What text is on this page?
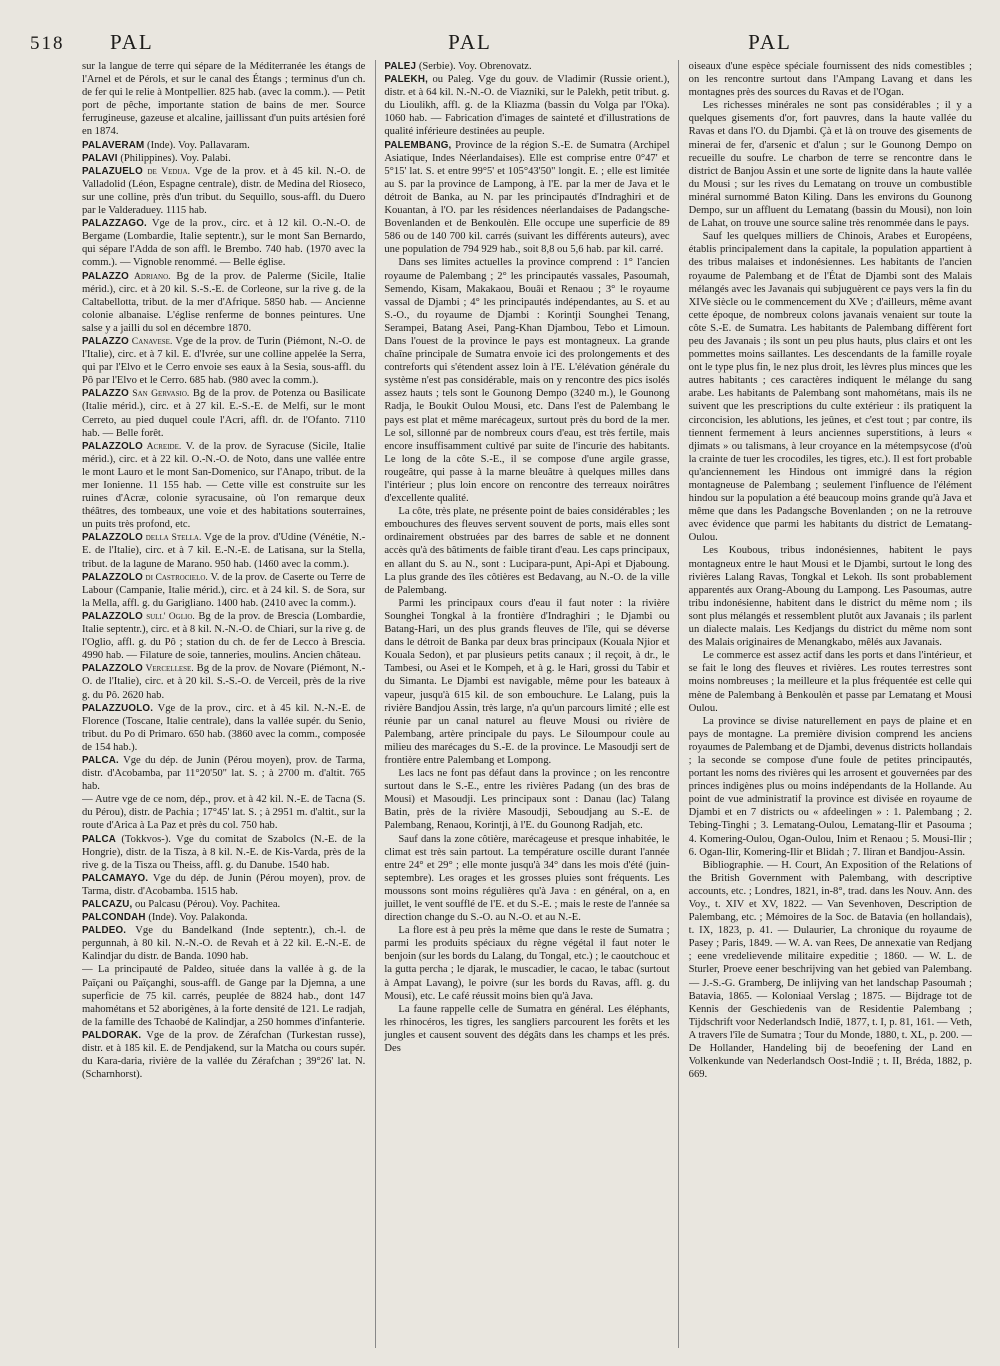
518	PAL	PAL	PAL

sur la langue de terre qui sépare de la Méditerranée les étangs de l'Arnel et de Pérols, et sur le canal des Étangs ; terminus d'un ch. de fer qui le relie à Montpellier. 825 hab. (avec la comm.). — Petit port de pêche, importante station de bains de mer. Source ferrugineuse, gazeuse et alcaline, jaillissant d'un puits artésien foré en 1874.

PALAVERAM (Inde). Voy. Pallavaram.

PALAVI (Philippines). Voy. Palabi.

PALAZUELO de Vedija. Vge de la prov. et à 45 kil. N.-O. de Valladolid (Léon, Espagne centrale), distr. de Medina del Rioseco, sur une colline, près d'un tribut. du Sequillo, sous-affl. du Duero par le Valderaduey. 1115 hab.

PALAZZAGO. Vge de la prov., circ. et à 12 kil. O.-N.-O. de Bergame (Lombardie, Italie septentr.), sur le mont San Bernardo, qui sépare l'Adda de son affl. le Brembo. 740 hab. (1970 avec la comm.). — Vignoble renommé. — Belle église.

PALAZZO Adriano. Bg de la prov. de Palerme (Sicile, Italie mérid.), circ. et à 20 kil. S.-S.-E. de Corleone, sur la rive g. de la Caltabellotta, tribut. de la mer d'Afrique. 5850 hab. — Ancienne colonie albanaise. L'église renferme de bonnes peintures. Une salse y a jailli du sol en décembre 1870.

PALAZZO Canavese. Vge de la prov. de Turin (Piémont, N.-O. de l'Italie), circ. et à 7 kil. E. d'Ivrée, sur une colline appelée la Serra, qui par l'Elvo et le Cerro envoie ses eaux à la Sesia, sous-affl. du Pô par l'Elvo et le Cerro. 685 hab. (980 avec la comm.).

PALAZZO San Gervasio. Bg de la prov. de Potenza ou Basilicate (Italie mérid.), circ. et à 27 kil. E.-S.-E. de Melfi, sur le mont Cerreto, au pied duquel coule l'Acri, affl. dr. de l'Ofanto. 7110 hab. — Belle forêt.

PALAZZOLO Acreide. V. de la prov. de Syracuse (Sicile, Italie mérid.), circ. et à 22 kil. O.-N.-O. de Noto, dans une vallée entre le mont Lauro et le mont San-Domenico, sur l'Anapo, tribut. de la mer Ionienne. 11 155 hab. — Cette ville est construite sur les ruines d'Acræ, colonie syracusaine, où l'on remarque deux théâtres, des tombeaux, une voie et des habitations souterraines, un puits très profond, etc.

PALAZZOLO della Stella. Vge de la prov. d'Udine (Vénétie, N.-E. de l'Italie), circ. et à 7 kil. E.-N.-E. de Latisana, sur la Stella, tribut. de la lagune de Marano. 950 hab. (1460 avec la comm.).

PALAZZOLO di Castrocielo. V. de la prov. de Caserte ou Terre de Labour (Campanie, Italie mérid.), circ. et à 24 kil. S. de Sora, sur la Mella, affl. g. du Garigliano. 1400 hab. (2410 avec la comm.).

PALAZZOLO sull' Oglio. Bg de la prov. de Brescia (Lombardie, Italie septentr.), circ. et à 8 kil. N.-N.-O. de Chiari, sur la rive g. de l'Oglio, affl. g. du Pô ; station du ch. de fer de Lecco à Brescia. 4990 hab. — Filature de soie, tanneries, moulins. Ancien château.

PALAZZOLO Vercellese. Bg de la prov. de Novare (Piémont, N.-O. de l'Italie), circ. et à 20 kil. S.-S.-O. de Verceil, près de la rive g. du Pô. 2620 hab.

PALAZZUOLO. Vge de la prov., circ. et à 45 kil. N.-N.-E. de Florence (Toscane, Italie centrale), dans la vallée supér. du Senio, tribut. du Po di Primaro. 650 hab. (3860 avec la comm., composée de 154 hab.).

PALCA. Vge du dép. de Junin (Pérou moyen), prov. de Tarma, distr. d'Acobamba, par 11°20'50" lat. S. ; à 2700 m. d'altit. 765 hab.

— Autre vge de ce nom, dép., prov. et à 42 kil. N.-E. de Tacna (S. du Pérou), distr. de Pachia ; 17°45' lat. S. ; à 2951 m. d'altit., sur la route d'Arica à La Paz et près du col. 750 hab.

PALCA (Tokkvos-). Vge du comitat de Szabolcs (N.-E. de la Hongrie), distr. de la Tisza, à 8 kil. N.-E. de Kis-Varda, près de la rive g. de la Tisza ou Theiss, affl. g. du Danube. 1540 hab.

PALCAMAYO. Vge du dép. de Junin (Pérou moyen), prov. de Tarma, distr. d'Acobamba. 1515 hab.

PALCAZU, ou Palcasu (Pérou). Voy. Pachitea.

PALCONDAH (Inde). Voy. Palakonda.

PALDEO. Vge du Bandelkand (Inde septentr.), ch.-l. de pergunnah, à 80 kil. N.-N.-O. de Revah et à 22 kil. E.-N.-E. de Kalindjar du distr. de Banda. 1090 hab.

— La principauté de Paldeo, située dans la vallée à g. de la Païçani ou Païçanghi, sous-affl. de Gange par la Djemna, a une superficie de 75 kil. carrés, peuplée de 8824 hab., dont 147 mahométans et 52 aborigènes, à la forte densité de 121. Le radjah, de la famille des Tchaobé de Kalindjar, a 250 hommes d'infanterie.

PALDORAK. Vge de la prov. de Zérafchan (Turkestan russe), distr. et à 185 kil. E. de Pendjakend, sur la Matcha ou cours supér. du Kara-daria, rivière de la vallée du Zérafchan ; 39°26' lat. N. (Scharnhorst).

PALEJ (Serbie). Voy. Obrenovatz.

PALEKH, ou Paleg. Vge du gouv. de Vladimir (Russie orient.), distr. et à 64 kil. N.-N.-O. de Viazniki, sur le Palekh, petit tribut. g. du Lioulikh, affl. g. de la Kliazma (bassin du Volga par l'Oka). 1060 hab. — Fabrication d'images de sainteté et d'illustrations de qualité inférieure destinées au peuple.

PALEMBANG, Province de la région S.-E. de Sumatra (Archipel Asiatique, Indes Néerlandaises). Elle est comprise entre 0°47' et 5°15' lat. S. et entre 99°5' et 105°43'50" longit. E. ; elle est limitée au S. par la province de Lampong, à l'E. par la mer de Java et le détroit de Banka, au N. par les principautés d'Indraghiri et de Kouantan, à l'O. par les résidences néerlandaises de Padangsche-Bovenlanden et de Benkoulèn. Elle occupe une superficie de 89 586 ou de 140 700 kil. carrés (suivant les différents auteurs), avec une population de 794 929 hab., soit 8,8 ou 5,6 hab. par kil. carré.

Dans ses limites actuelles la province comprend : 1° l'ancien royaume de Palembang ; 2° les principautés vassales, Pasoumah, Semendo, Kisam, Makakaou, Bouâi et Renaou ; 3° le royaume vassal de Djambi ; 4° les principautés indépendantes, au S. et au S.-O., du royaume de Djambi : Korintji Sounghei Tenang, Serampei, Batang Asei, Pang-Khan Djambou, Tebo et Limoun. Dans l'ouest de la province le pays est montagneux. La grande chaîne principale de Sumatra envoie ici des prolongements et des contreforts qui s'étendent assez loin à l'E. L'élévation générale du système n'est pas considérable, mais on y rencontre des pics isolés assez hauts ; tels sont le Gounong Dempo (3240 m.), le Gounong Radja, le Boukit Oulou Mousi, etc. Dans l'est de Palembang le pays est plat et même marécageux, surtout près du bord de la mer. Le sol, sillonné par de nombreux cours d'eau, est très fertile, mais encore insuffisamment cultivé par suite de l'incurie des habitants. Le long de la côte S.-E., il se compose d'une argile grasse, rougeâtre, qui passe à la marne bleuâtre à quelques milles dans l'intérieur ; plus loin encore on rencontre des terreaux noirâtres d'excellente qualité.

La côte, très plate, ne présente point de baies considérables ; les embouchures des fleuves servent souvent de ports, mais elles sont ordinairement obstruées par des barres de sable et ne donnent accès qu'à des bâtiments de faible tirant d'eau. Les caps principaux, en allant du S. au N., sont : Lucipara-punt, Api-Api et Djaboung. La plus grande des îles côtières est Bedavang, au N.-O. de la ville de Palembang.

Parmi les principaux cours d'eau il faut noter : la rivière Sounghei Tongkal à la frontière d'Indraghiri ; le Djambi ou Batang-Hari, un des plus grands fleuves de l'île, qui se déverse dans le détroit de Banka par deux bras principaux (Kouala Njior et Kouala Sedon), et par plusieurs petits canaux ; il reçoit, à dr., le Tambesi, ou Asei et le Kompeh, et à g. le Hari, grossi du Tabir et du Simanta. Le Djambi est navigable, même pour les bateaux à vapeur, jusqu'à 615 kil. de son embouchure. Le Lalang, puis la rivière Bandjou Assin, très large, n'a qu'un parcours limité ; elle est réunie par un canal naturel au fleuve Mousi ou rivière de Palembang, artère principale du pays. Le Siloumpour coule au milieu des marécages du S.-E. de la province. Le Masoudji sert de frontière entre Palembang et Lompong.

Les lacs ne font pas défaut dans la province ; on les rencontre surtout dans le S.-E., entre les rivières Padang (un des bras de Mousi) et Masoudji. Les principaux sont : Danau (lac) Talang Batin, près de la rivière Masoudji, Seboudjang au S.-E. de Palembang, Renaou, Korintji, à l'E. du Gounong Radjah, etc.

Sauf dans la zone côtière, marécageuse et presque inhabitée, le climat est très sain partout. La température oscille durant l'année entre 24° et 29° ; elle monte jusqu'à 34° dans les mois d'été (juin-septembre). Les orages et les grosses pluies sont fréquents. Les moussons sont moins régulières qu'à Java : en général, on a, en juillet, le vent soufflé de l'E. et du S.-E. ; mais le reste de l'année sa direction change du S.-O. au N.-O. et au N.-E.

La flore est à peu près la même que dans le reste de Sumatra ; parmi les produits spéciaux du règne végétal il faut noter le benjoin (sur les bords du Lalang, du Tongal, etc.) ; le caoutchouc et la gutta percha ; le djarak, le muscadier, le cacao, le tabac (surtout à Ampat Lavang), le poivre (sur les bords du Ravas, affl. g. du Mousi), etc. Le café réussit moins bien qu'à Java.

La faune rappelle celle de Sumatra en général. Les éléphants, les rhinocéros, les tigres, les sangliers parcourent les forêts et les jungles et causent souvent des dégâts dans les champs et les prés. Des

oiseaux d'une espèce spéciale fournissent des nids comestibles ; on les rencontre surtout dans l'Ampang Lavang et dans les montagnes près des sources du Ravas et de l'Ogan.

Les richesses minérales ne sont pas considérables ; il y a quelques gisements d'or, fort pauvres, dans la haute vallée du Ravas et dans l'O. du Djambi. Çà et là on trouve des gisements de minerai de fer, d'arsenic et d'alun ; sur le Gounong Dempo on recueille du soufre. Le charbon de terre se rencontre dans le district de Banjou Assin et une sorte de lignite dans la haute vallée du Mousi ; sur les rives du Lematang on trouve un combustible minéral surnommé Baton Kiling. Dans les environs du Gounong Dempo, sur un affluent du Lematang (bassin du Mousi), non loin de Lahat, on trouve une source saline très renommée dans le pays.

Sauf les quelques milliers de Chinois, Arabes et Européens, établis principalement dans la capitale, la population appartient à des tribus malaises et indonésiennes. Les habitants de l'ancien royaume de Palembang et de l'État de Djambi sont des Malais mélangés avec les Javanais qui subjuguèrent ce pays vers la fin du XIVe siècle ou le commencement du XVe ; d'ailleurs, même avant cette époque, de nombreux colons javanais venaient sur toute la côte S.-E. de Sumatra. Les habitants de Palembang diffèrent fort peu des Javanais ; ils sont un peu plus hauts, plus clairs et ont les pommettes moins saillantes. Les descendants de la famille royale ont le type plus fin, le nez plus droit, les lèvres plus minces que les autres habitants ; ces caractères indiquent le mélange du sang arabe. Les habitants de Palembang sont mahométans, mais ils ne suivent que les prescriptions du culte extérieur : ils pratiquent la circoncision, les ablutions, les jeûnes, et c'est tout ; par contre, ils tiennent fermement à leurs anciennes superstitions, à leurs « djimats » ou talismans, à leur croyance en la métempsycose (d'où la crainte de tuer les crocodiles, les tigres, etc.). Il est fort probable qu'anciennement les Hindous ont immigré dans la région montagneuse de Palembang ; seulement l'influence de l'élément hindou sur la population a été beaucoup moins grande qu'à Java et même que dans les Padangsche Bovenlanden ; on ne la retrouve avec évidence que parmi les habitants du district de Lematang-Oulou.

Les Koubous, tribus indonésiennes, habitent le pays montagneux entre le haut Mousi et le Djambi, surtout le long des rivières Lalang Ravas, Tongkal et Lekoh. Ils sont probablement apparentés aux Orang-Aboung du Lampong. Les Pasoumas, autre tribu indonésienne, habitent dans le district du même nom ; ils sont plus mélangés et ressemblent plutôt aux Javanais ; ils parlent un dialecte malais. Les Kedjangs du district du même nom sont des Malais originaires de Menangkabo, mêlés aux Javanais.

Le commerce est assez actif dans les ports et dans l'intérieur, et se fait le long des fleuves et rivières. Les routes terrestres sont moins nombreuses ; la meilleure et la plus fréquentée est celle qui mène de Palembang à Benkoulèn et passe par Lematang et Mousi Oulou.

La province se divise naturellement en pays de plaine et en pays de montagne. La première division comprend les anciens royaumes de Palembang et de Djambi, devenus districts hollandais ; la seconde se compose d'une foule de petites principautés, portant les noms des rivières qui les arrosent et gouvernées par des princes indigènes plus ou moins indépendants de la Hollande. Au point de vue administratif la province est divisée en royaume de Djambi et en 7 districts ou « afdeelingen » : 1. Palembang ; 2. Tebing-Tinghi ; 3. Lematang-Oulou, Lematang-Ilir et Pasouma ; 4. Komering-Oulou, Ogan-Oulou, Inim et Renaou ; 5. Mousi-Ilir ; 6. Ogan-Ilir, Komering-Ilir et Blidah ; 7. Iliran et Bandjou-Assin.

Bibliographie. — H. Court, An Exposition of the Relations of the British Government with Palembang, with descriptive accounts, etc. ; Londres, 1821, in-8°, trad. dans les Nouv. Ann. des Voy., t. XIV et XV, 1822. — Van Sevenhoven, Description de Palembang, etc. ; Mémoires de la Soc. de Batavia (en hollandais), t. IX, 1823, p. 41. — Dulaurier, La chronique du royaume de Pasey ; Paris, 1849. — W. A. van Rees, De annexatie van Redjang ; eene vredelievende militaire expeditie ; 1860. — W. L. de Sturler, Proeve eener beschrijving van het gebied van Palembang. — J.-S.-G. Gramberg, De inlijving van het landschap Pasoumah ; Batavia, 1865. — Koloniaal Verslag ; 1875. — Bijdrage tot de Kennis der Geschiedenis van de Residentie Palembang ; Tijdschrift voor Nederlandsch Indië, 1877, t. I, p. 81, 161. — Veth, A travers l'île de Sumatra ; Tour du Monde, 1880, t. XL, p. 200. — De Hollander, Handeling bij de beoefening der Land en Volkenkunde van Nederlandsch Oost-Indië ; t. II, Bréda, 1882, p. 669.
